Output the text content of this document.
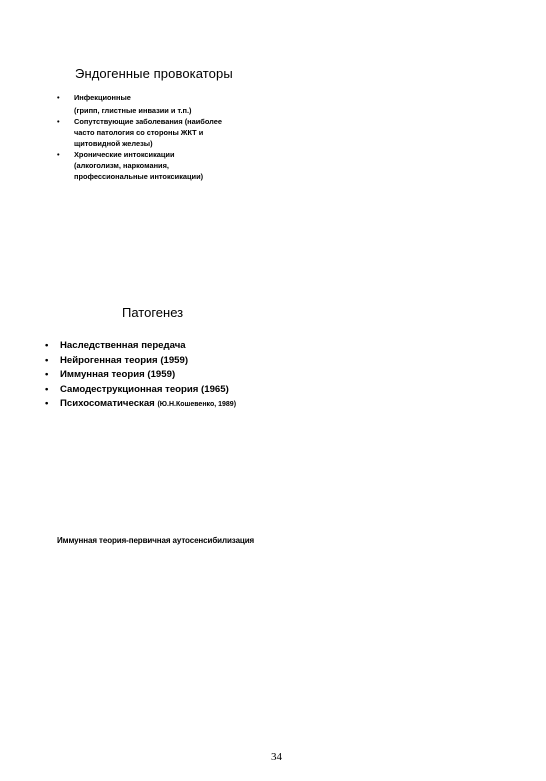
Эндогенные провокаторы
• Инфекционные
(грипп, глистные инвазии и т.п.)
• Сопутствующие заболевания (наиболее
часто патология со стороны ЖКТ и
щитовидной железы)
• Хронические интоксикации
(алкоголизм, наркомания,
профессиональные интоксикации)
Патогенез
• Наследственная передача
• Нейрогенная теория (1959)
• Иммунная теория (1959)
• Самодеструкционная теория (1965)
• Психосоматическая (Ю.Н.Кошевенко, 1989)
Иммунная теория-первичная аутосенсибилизация
34
